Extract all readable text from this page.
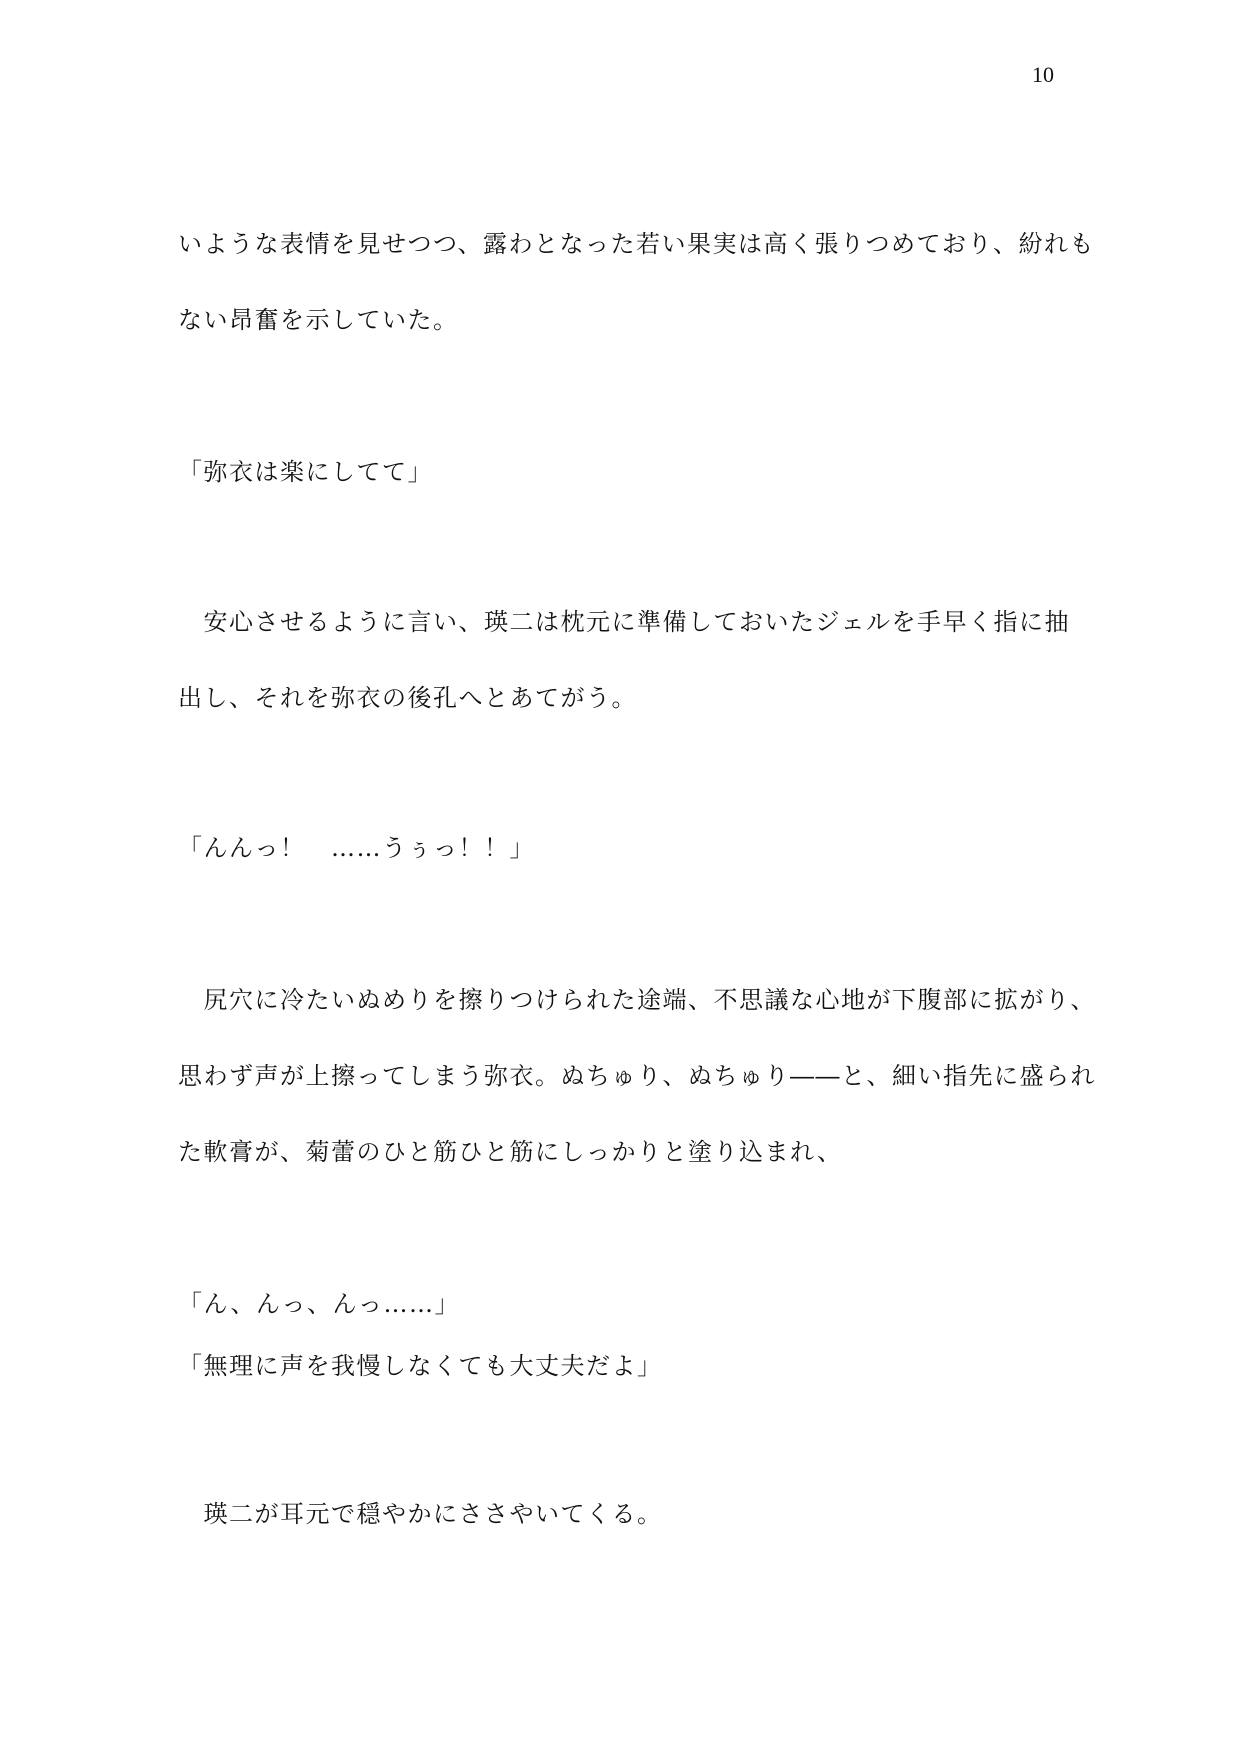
10
いような表情を見せつつ、露わとなった若い果実は高く張りつめており、紛れも
ない昂奮を示していた。
「弥衣は楽にしてて」
　安心させるように言い、瑛二は枕元に準備しておいたジェルを手早く指に抽
出し、それを弥衣の後孔へとあてがう。
「んんっ！　……うぅっ！！」
　尻穴に冷たいぬめりを擦りつけられた途端、不思議な心地が下腹部に拡がり、
思わず声が上擦ってしまう弥衣。ぬちゅり、ぬちゅり――と、細い指先に盛られ
た軟膏が、菊蕾のひと筋ひと筋にしっかりと塗り込まれ、
「ん、んっ、んっ……」
「無理に声を我慢しなくても大丈夫だよ」
　瑛二が耳元で穏やかにささやいてくる。
